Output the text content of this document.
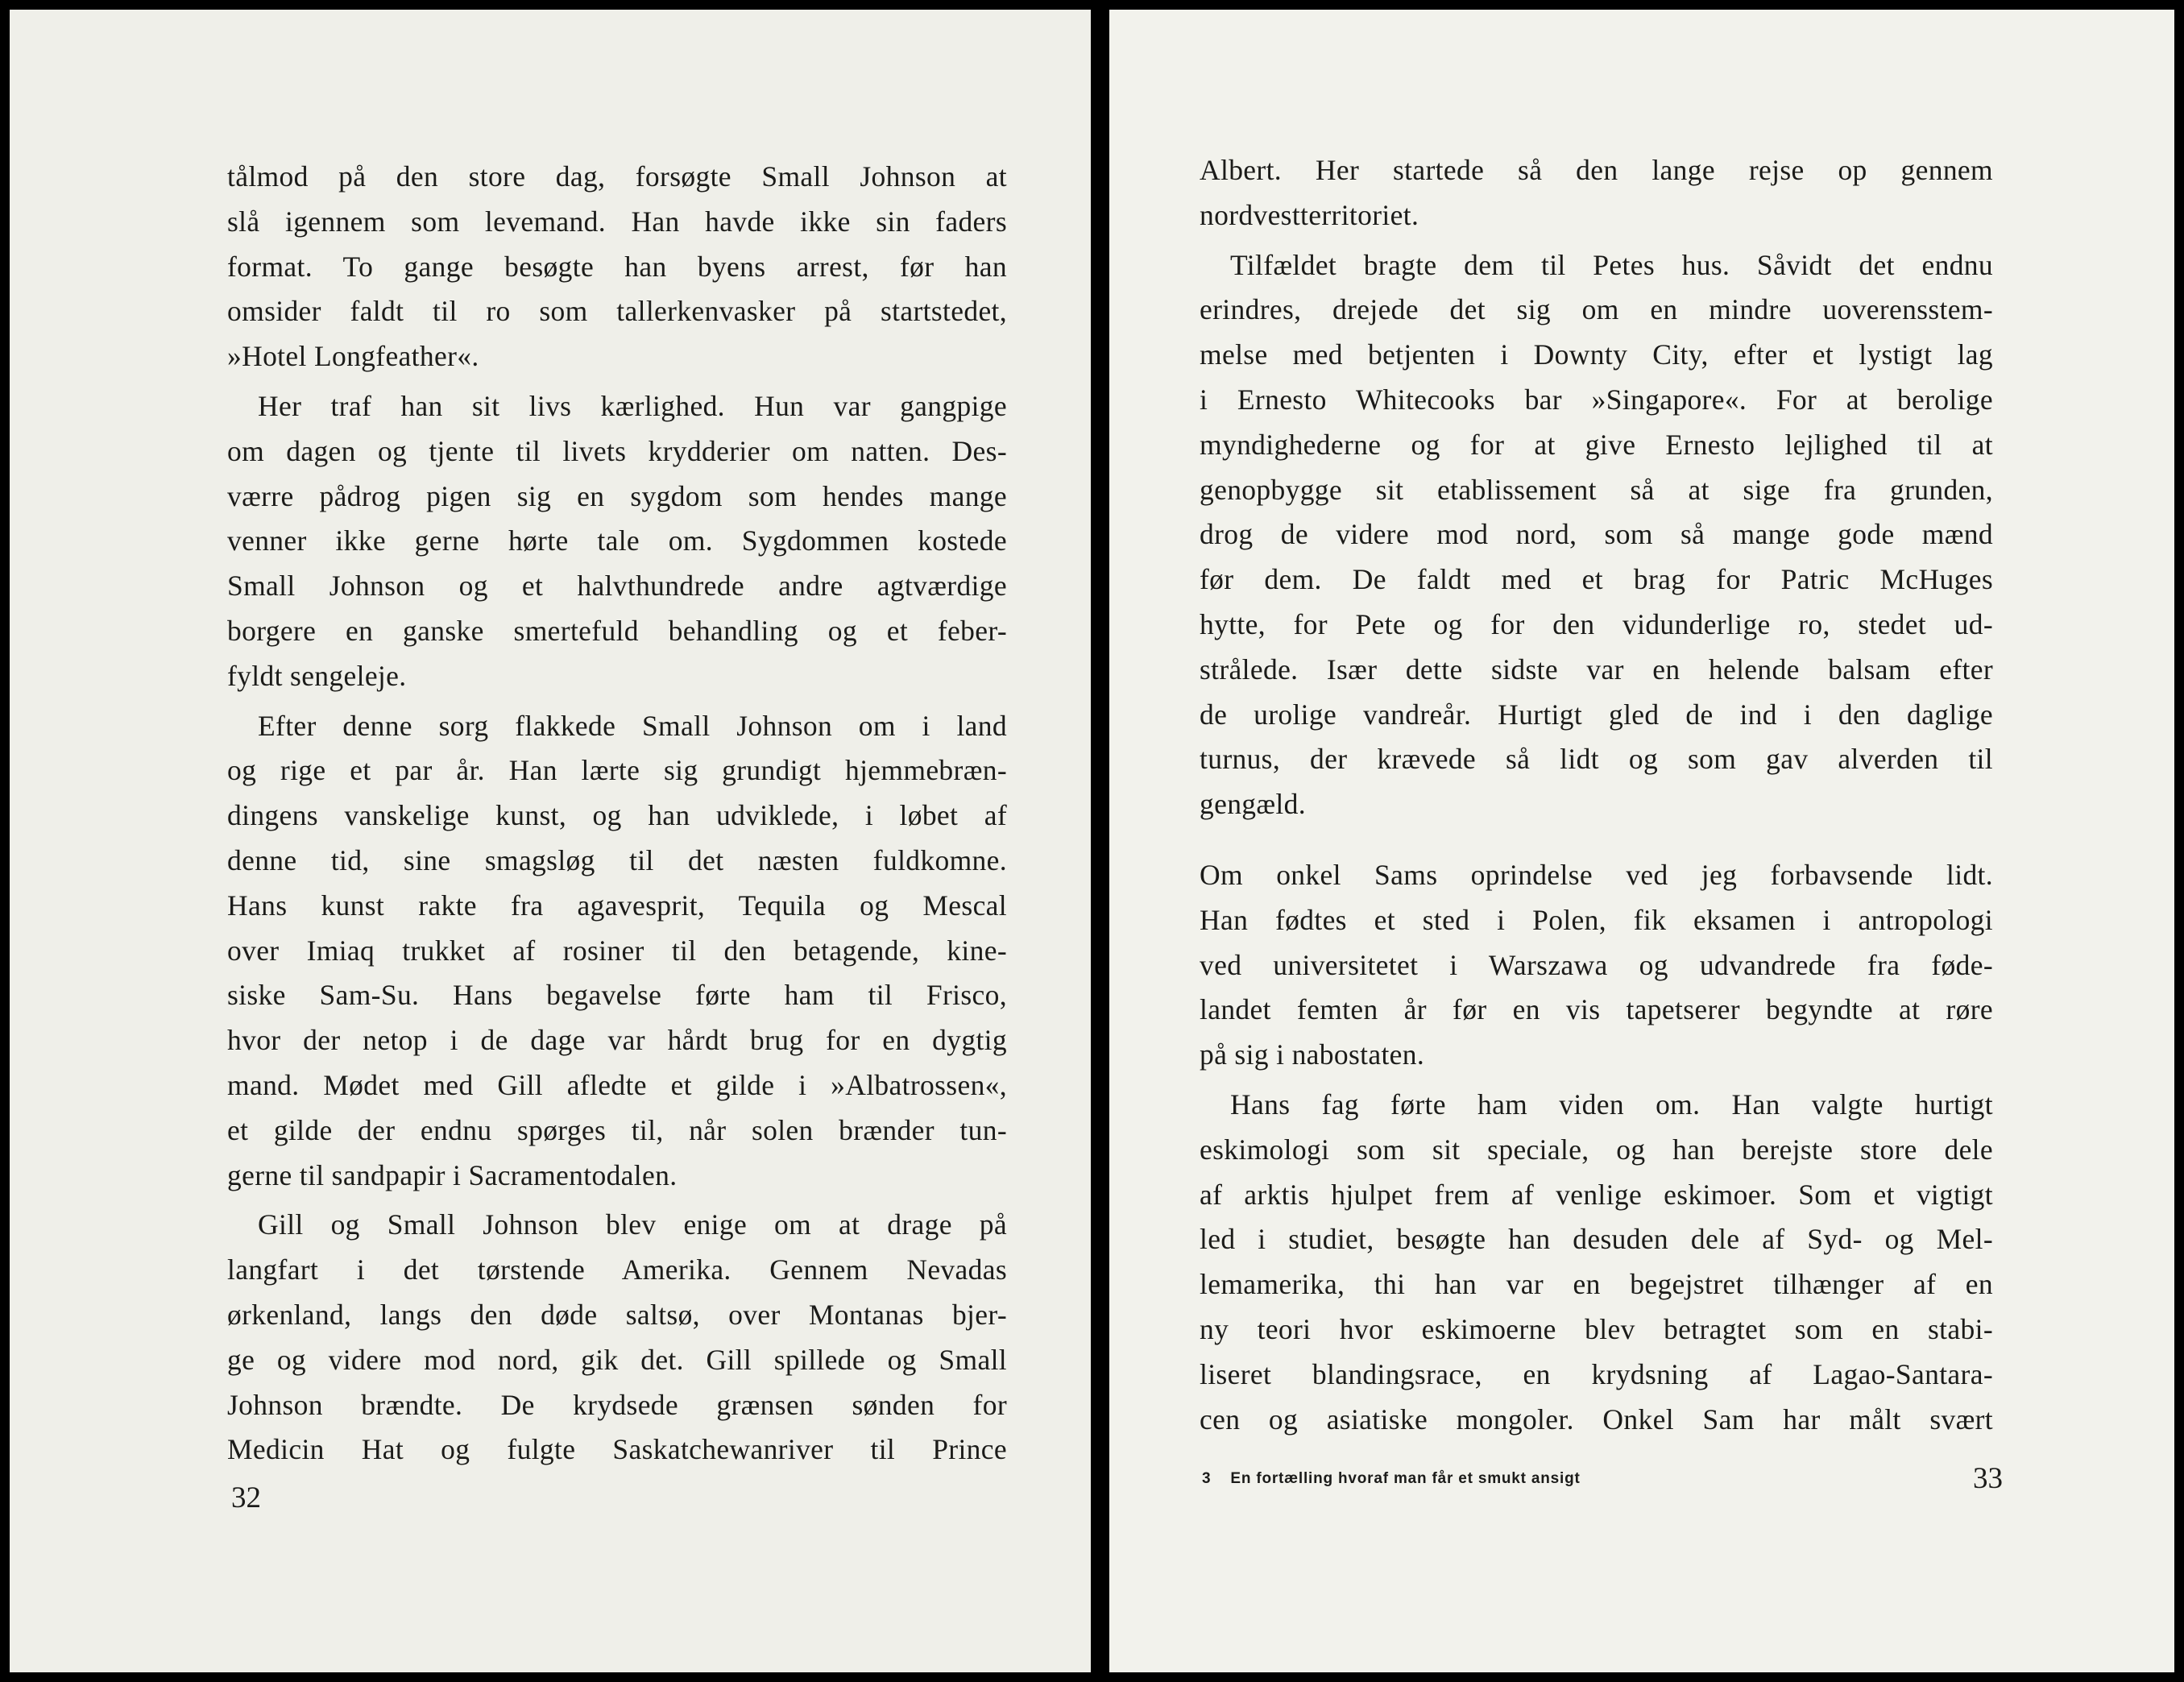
tålmod på den store dag, forsøgte Small Johnson at
slå igennem som levemand. Han havde ikke sin faders
format. To gange besøgte han byens arrest, før han
omsider faldt til ro som tallerkenvasker på startstedet,
»Hotel Longfeather«.
Her traf han sit livs kærlighed. Hun var gangpige
om dagen og tjente til livets krydderier om natten. Des-
værre pådrog pigen sig en sygdom som hendes mange
venner ikke gerne hørte tale om. Sygdommen kostede
Small Johnson og et halvthundrede andre agtværdige
borgere en ganske smertefuld behandling og et feber-
fyldt sengeleje.
Efter denne sorg flakkede Small Johnson om i land
og rige et par år. Han lærte sig grundigt hjemmebræn-
dingens vanskelige kunst, og han udviklede, i løbet af
denne tid, sine smagsløg til det næsten fuldkomne.
Hans kunst rakte fra agavesprit, Tequila og Mescal
over Imiaq trukket af rosiner til den betagende, kine-
siske Sam-Su. Hans begavelse førte ham til Frisco,
hvor der netop i de dage var hårdt brug for en dygtig
mand. Mødet med Gill afledte et gilde i »Albatrossen«,
et gilde der endnu spørges til, når solen brænder tun-
gerne til sandpapir i Sacramentodalen.
Gill og Small Johnson blev enige om at drage på
langfart i det tørstende Amerika. Gennem Nevadas
ørkenland, langs den døde saltsø, over Montanas bjer-
ge og videre mod nord, gik det. Gill spillede og Small
Johnson brændte. De krydsede grænsen sønden for
Medicin Hat og fulgte Saskatchewanriver til Prince
32
Albert. Her startede så den lange rejse op gennem
nordvestterritoriet.
Tilfældet bragte dem til Petes hus. Såvidt det endnu
erindres, drejede det sig om en mindre uoverensstem-
melse med betjenten i Downty City, efter et lystigt lag
i Ernesto Whitecooks bar »Singapore«. For at berolige
myndighederne og for at give Ernesto lejlighed til at
genopbygge sit etablissement så at sige fra grunden,
drog de videre mod nord, som så mange gode mænd
før dem. De faldt med et brag for Patric McHuges
hytte, for Pete og for den vidunderlige ro, stedet ud-
strålede. Især dette sidste var en helende balsam efter
de urolige vandreår. Hurtigt gled de ind i den daglige
turnus, der krævede så lidt og som gav alverden til
gengæld.
Om onkel Sams oprindelse ved jeg forbavsende lidt.
Han fødtes et sted i Polen, fik eksamen i antropologi
ved universitetet i Warszawa og udvandrede fra føde-
landet femten år før en vis tapetserer begyndte at røre
på sig i nabostaten.
Hans fag førte ham viden om. Han valgte hurtigt
eskimologi som sit speciale, og han berejste store dele
af arktis hjulpet frem af venlige eskimoer. Som et vigtigt
led i studiet, besøgte han desuden dele af Syd- og Mel-
lemamerika, thi han var en begejstret tilhænger af en
ny teori hvor eskimoerne blev betragtet som en stabi-
liseret blandingsrace, en krydsning af Lagao-Santara-
cen og asiatiske mongoler. Onkel Sam har målt svært
3 En fortælling hvoraf man får et smukt ansigt	33
